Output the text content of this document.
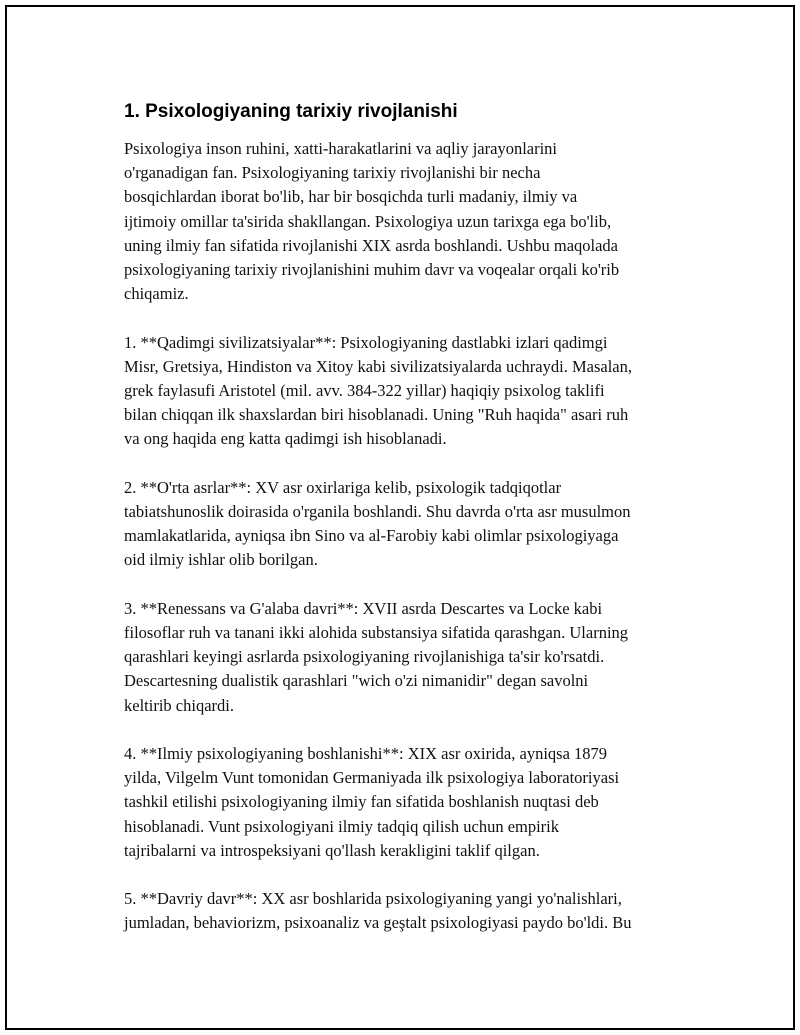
1. Psixologiyaning tarixiy rivojlanishi

Psixologiya inson ruhini, xatti-harakatlarini va aqliy jarayonlarini
o'rganadigan fan. Psixologiyaning tarixiy rivojlanishi bir necha
bosqichlardan iborat bo'lib, har bir bosqichda turli madaniy, ilmiy va
ijtimoiy omillar ta'sirida shakllangan. Psixologiya uzun tarixga ega bo'lib,
uning ilmiy fan sifatida rivojlanishi XIX asrda boshlandi. Ushbu maqolada
psixologiyaning tarixiy rivojlanishini muhim davr va voqealar orqali ko'rib
chiqamiz.

1. **Qadimgi sivilizatsiyalar**: Psixologiyaning dastlabki izlari qadimgi
Misr, Gretsiya, Hindiston va Xitoy kabi sivilizatsiyalarda uchraydi. Masalan,
grek faylasufi Aristotel (mil. avv. 384-322 yillar) haqiqiy psixolog taklifi
bilan chiqqan ilk shaxslardan biri hisoblanadi. Uning "Ruh haqida" asari ruh
va ong haqida eng katta qadimgi ish hisoblanadi.

2. **O'rta asrlar**: XV asr oxirlariga kelib, psixologik tadqiqotlar
tabiatshunoslik doirasida o'rganila boshlandi. Shu davrda o'rta asr musulmon
mamlakatlarida, ayniqsa ibn Sino va al-Farobiy kabi olimlar psixologiyaga
oid ilmiy ishlar olib borilgan.

3. **Renessans va G'alaba davri**: XVII asrda Descartes va Locke kabi
filosoflar ruh va tanani ikki alohida substansiya sifatida qarashgan. Ularning
qarashlari keyingi asrlarda psixologiyaning rivojlanishiga ta'sir ko'rsatdi.
Descartesning dualistik qarashlari "wich o'zi nimanidir" degan savolni
keltirib chiqardi.

4. **Ilmiy psixologiyaning boshlanishi**: XIX asr oxirida, ayniqsa 1879
yilda, Vilgelm Vunt tomonidan Germaniyada ilk psixologiya laboratoriyasi
tashkil etilishi psixologiyaning ilmiy fan sifatida boshlanish nuqtasi deb
hisoblanadi. Vunt psixologiyani ilmiy tadqiq qilish uchun empirik
tajribalarni va introspeksiyani qo'llash kerakligini taklif qilgan.

5. **Davriy davr**: XX asr boshlarida psixologiyaning yangi yo'nalishlari,
jumladan, behaviorizm, psixoanaliz va geştalt psixologiyasi paydo bo'ldi. Bu
